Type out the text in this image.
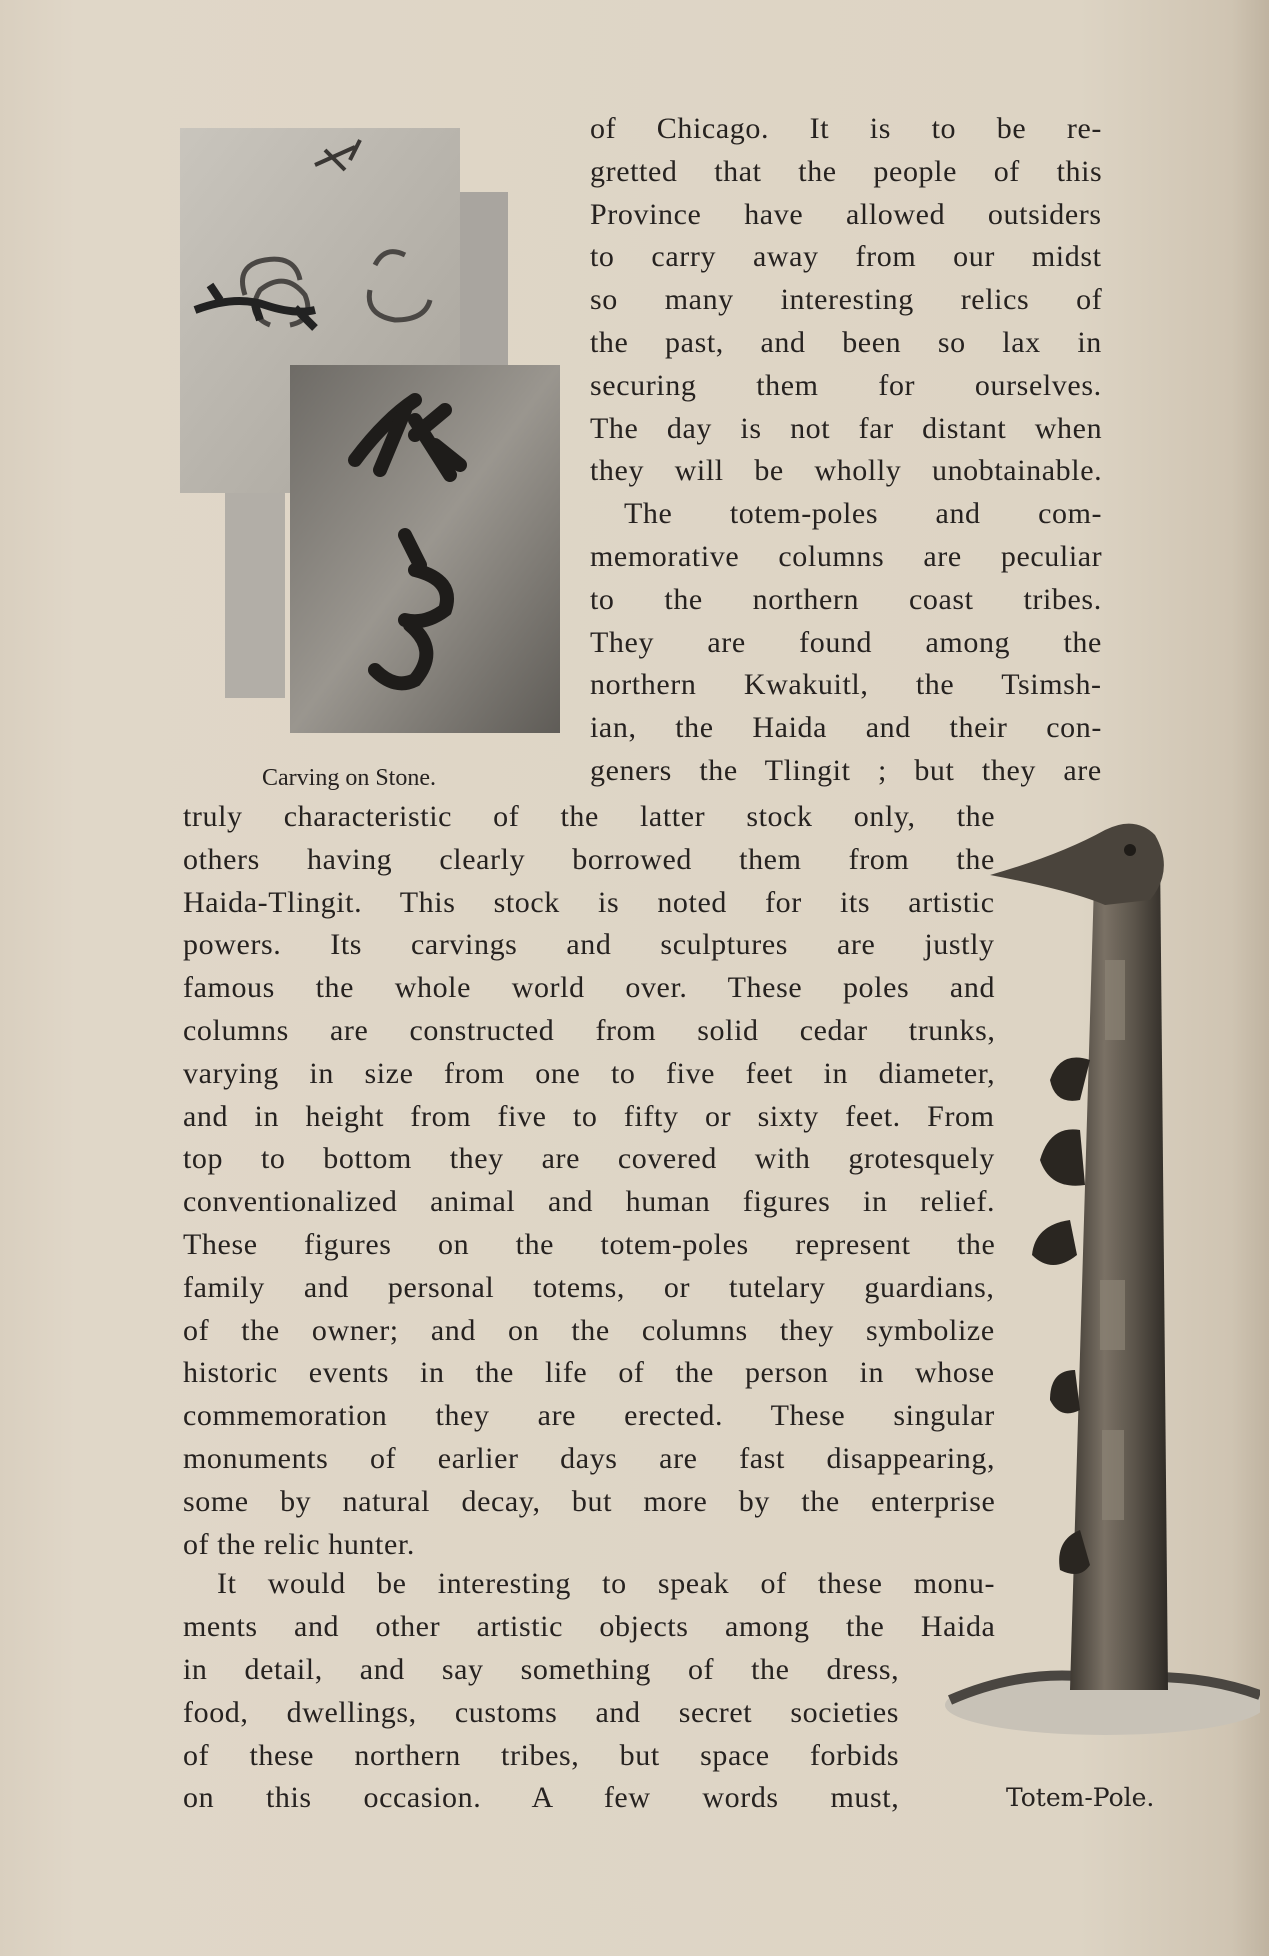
Carving on Stone.
Totem-Pole.
of Chicago. It is to be re-
gretted that the people of this
Province have allowed outsiders
to carry away from our midst
so many interesting relics of
the past, and been so lax in
securing them for ourselves.
The day is not far distant when
they will be wholly unobtainable.
The totem-poles and com-
memorative columns are peculiar
to the northern coast tribes.
They are found among the
northern Kwakuitl, the Tsimsh-
ian, the Haida and their con-
geners the Tlingit ; but they are
truly characteristic of the latter stock only, the
others having clearly borrowed them from the
Haida-Tlingit. This stock is noted for its artistic
powers. Its carvings and sculptures are justly
famous the whole world over. These poles and
columns are constructed from solid cedar trunks,
varying in size from one to five feet in diameter,
and in height from five to fifty or sixty feet. From
top to bottom they are covered with grotesquely
conventionalized animal and human figures in relief.
These figures on the totem-poles represent the
family and personal totems, or tutelary guardians,
of the owner; and on the columns they symbolize
historic events in the life of the person in whose
commemoration they are erected. These singular
monuments of earlier days are fast disappearing,
some by natural decay, but more by the enterprise
of the relic hunter.
It would be interesting to speak of these monu-
ments and other artistic objects among the Haida
in detail, and say something of the dress,
food, dwellings, customs and secret societies
of these northern tribes, but space forbids
on this occasion. A few words must,
